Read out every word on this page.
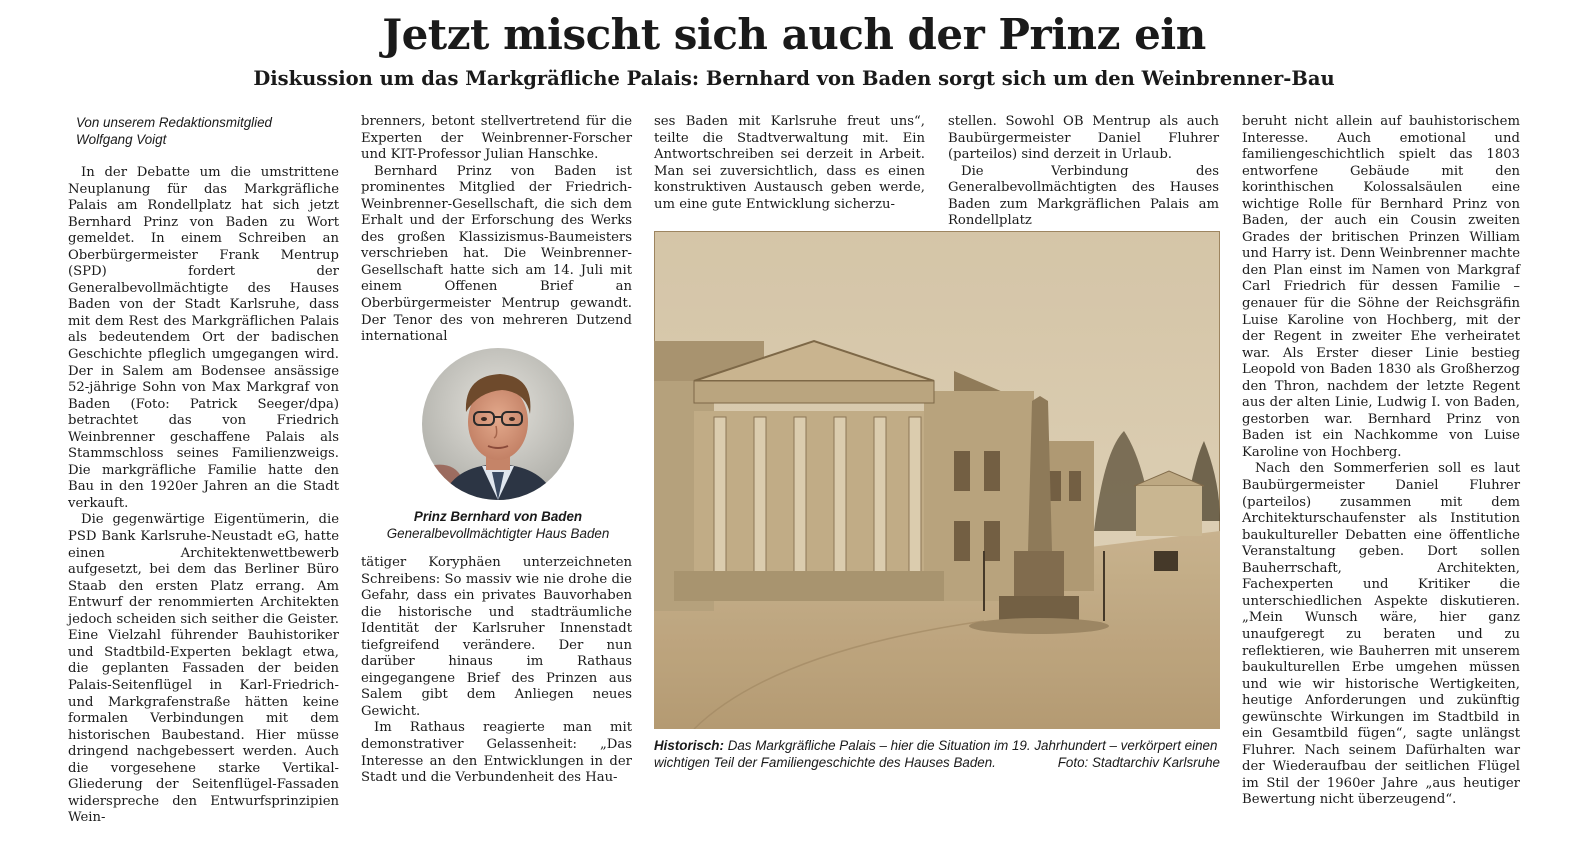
Jetzt mischt sich auch der Prinz ein
Diskussion um das Markgräfliche Palais: Bernhard von Baden sorgt sich um den Weinbrenner-Bau
Von unserem Redaktionsmitglied
Wolfgang Voigt

In der Debatte um die umstrittene Neuplanung für das Markgräfliche Palais am Rondellplatz hat sich jetzt Bernhard Prinz von Baden zu Wort gemeldet. In einem Schreiben an Oberbürgermeister Frank Mentrup (SPD) fordert der Generalbevollmächtigte des Hauses Baden von der Stadt Karlsruhe, dass mit dem Rest des Markgräflichen Palais als bedeutendem Ort der badischen Geschichte pfleglich umgegangen wird. Der in Salem am Bodensee ansässige 52-jährige Sohn von Max Markgraf von Baden (Foto: Patrick Seeger/dpa) betrachtet das von Friedrich Weinbrenner geschaffene Palais als Stammschloss seines Familienzweigs. Die markgräfliche Familie hatte den Bau in den 1920er Jahren an die Stadt verkauft.

Die gegenwärtige Eigentümerin, die PSD Bank Karlsruhe-Neustadt eG, hatte einen Architektenwettbewerb aufgesetzt, bei dem das Berliner Büro Staab den ersten Platz errang. Am Entwurf der renommierten Architekten jedoch scheiden sich seither die Geister. Eine Vielzahl führender Bauhistoriker und Stadtbild-Experten beklagt etwa, die geplanten Fassaden der beiden Palais-Seitenflügel in Karl-Friedrich- und Markgrafenstraße hätten keine formalen Verbindungen mit dem historischen Baubestand. Hier müsse dringend nachgebessert werden. Auch die vorgesehene starke Vertikal-Gliederung der Seitenflügel-Fassaden widerspreche den Entwurfsprinzipien Wein-

brenners, betont stellvertretend für die Experten der Weinbrenner-Forscher und KIT-Professor Julian Hanschke.

Bernhard Prinz von Baden ist prominentes Mitglied der Friedrich-Weinbrenner-Gesellschaft, die sich dem Erhalt und der Erforschung des Werks des großen Klassizismus-Baumeisters verschrieben hat. Die Weinbrenner-Gesellschaft hatte sich am 14. Juli mit einem Offenen Brief an Oberbürgermeister Mentrup gewandt. Der Tenor des von mehreren Dutzend international

Prinz Bernhard von Baden
Generalbevollmächtigter Haus Baden

tätiger Koryphäen unterzeichneten Schreibens: So massiv wie nie drohe die Gefahr, dass ein privates Bauvorhaben die historische und stadträumliche Identität der Karlsruher Innenstadt tiefgreifend verändere. Der nun darüber hinaus im Rathaus eingegangene Brief des Prinzen aus Salem gibt dem Anliegen neues Gewicht.

Im Rathaus reagierte man mit demonstrativer Gelassenheit: „Das Interesse an den Entwicklungen in der Stadt und die Verbundenheit des Hau-

ses Baden mit Karlsruhe freut uns“, teilte die Stadtverwaltung mit. Ein Antwortschreiben sei derzeit in Arbeit. Man sei zuversichtlich, dass es einen konstruktiven Austausch geben werde, um eine gute Entwicklung sicherzu-

stellen. Sowohl OB Mentrup als auch Baubürgermeister Daniel Fluhrer (parteilos) sind derzeit in Urlaub.

Die Verbindung des Generalbevollmächtigten des Hauses Baden zum Markgräflichen Palais am Rondellplatz

Historisch: Das Markgräfliche Palais – hier die Situation im 19. Jahrhundert – verkörpert einen
wichtigen Teil der Familiengeschichte des Hauses Baden.	Foto: Stadtarchiv Karlsruhe

beruht nicht allein auf bauhistorischem Interesse. Auch emotional und familiengeschichtlich spielt das 1803 entworfene Gebäude mit den korinthischen Kolossalsäulen eine wichtige Rolle für Bernhard Prinz von Baden, der auch ein Cousin zweiten Grades der britischen Prinzen William und Harry ist. Denn Weinbrenner machte den Plan einst im Namen von Markgraf Carl Friedrich für dessen Familie – genauer für die Söhne der Reichsgräfin Luise Karoline von Hochberg, mit der der Regent in zweiter Ehe verheiratet war. Als Erster dieser Linie bestieg Leopold von Baden 1830 als Großherzog den Thron, nachdem der letzte Regent aus der alten Linie, Ludwig I. von Baden, gestorben war. Bernhard Prinz von Baden ist ein Nachkomme von Luise Karoline von Hochberg.

Nach den Sommerferien soll es laut Baubürgermeister Daniel Fluhrer (parteilos) zusammen mit dem Architekturschaufenster als Institution baukultureller Debatten eine öffentliche Veranstaltung geben. Dort sollen Bauherrschaft, Architekten, Fachexperten und Kritiker die unterschiedlichen Aspekte diskutieren. „Mein Wunsch wäre, hier ganz unaufgeregt zu beraten und zu reflektieren, wie Bauherren mit unserem baukulturellen Erbe umgehen müssen und wie wir historische Wertigkeiten, heutige Anforderungen und zukünftig gewünschte Wirkungen im Stadtbild in ein Gesamtbild fügen“, sagte unlängst Fluhrer. Nach seinem Dafürhalten war der Wiederaufbau der seitlichen Flügel im Stil der 1960er Jahre „aus heutiger Bewertung nicht überzeugend“.
